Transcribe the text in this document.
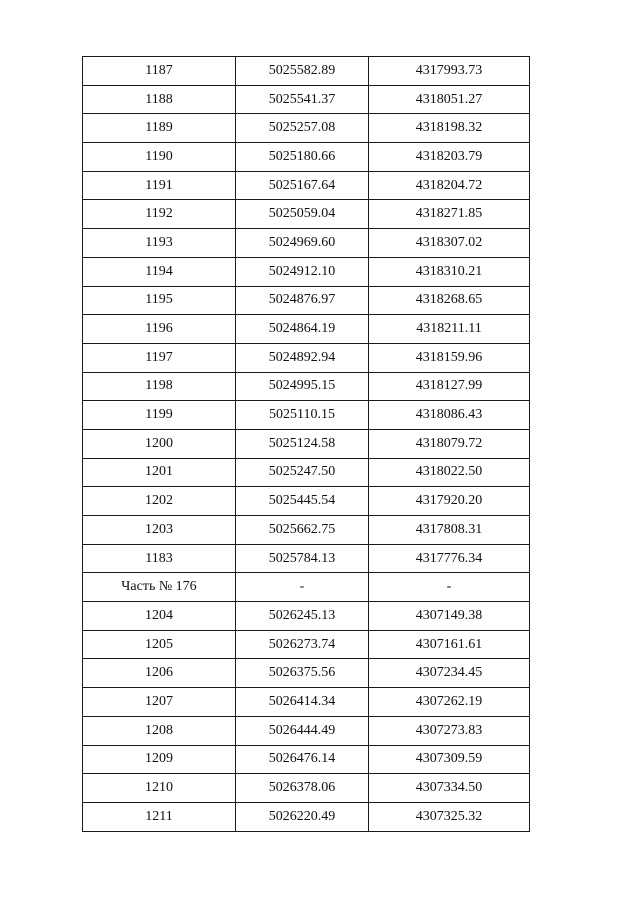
1187	5025582.89	4317993.73
1188	5025541.37	4318051.27
1189	5025257.08	4318198.32
1190	5025180.66	4318203.79
1191	5025167.64	4318204.72
1192	5025059.04	4318271.85
1193	5024969.60	4318307.02
1194	5024912.10	4318310.21
1195	5024876.97	4318268.65
1196	5024864.19	4318211.11
1197	5024892.94	4318159.96
1198	5024995.15	4318127.99
1199	5025110.15	4318086.43
1200	5025124.58	4318079.72
1201	5025247.50	4318022.50
1202	5025445.54	4317920.20
1203	5025662.75	4317808.31
1183	5025784.13	4317776.34
Часть № 176	-	-
1204	5026245.13	4307149.38
1205	5026273.74	4307161.61
1206	5026375.56	4307234.45
1207	5026414.34	4307262.19
1208	5026444.49	4307273.83
1209	5026476.14	4307309.59
1210	5026378.06	4307334.50
1211	5026220.49	4307325.32
